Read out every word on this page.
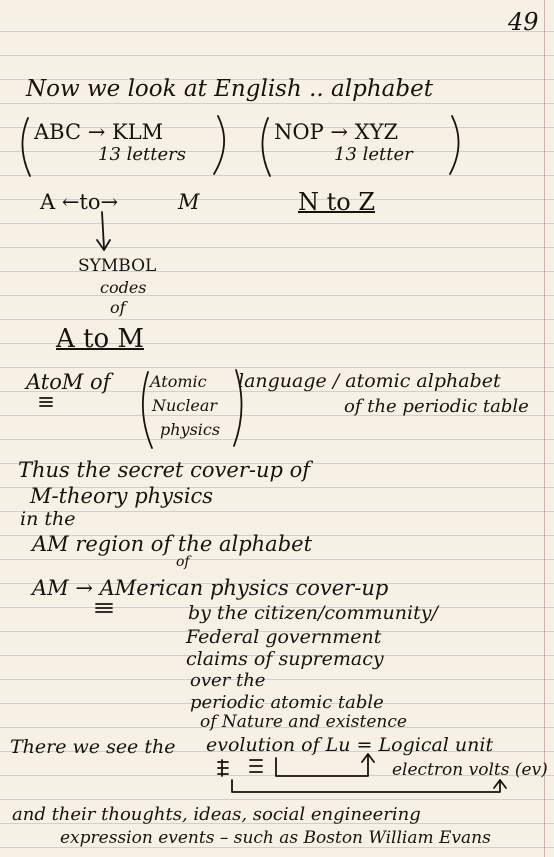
49
Now we look at English .. alphabet
ABC → KLM
13 letters
NOP → XYZ
13 letter
A ←to→	M	N to Z
SYMBOL
codes
of
A to M
AtoM of Atomic
Nuclear
physics
language / atomic alphabet
of the periodic table
Thus the secret cover-up of
M-theory physics
in the
AM region of the alphabet
of
AM → AMerican physics cover-up
by the citizen/community/
Federal government
claims of supremacy
over the
periodic atomic table
of Nature and existence
There we see the evolution of Lu = Logical unit
electron volts (ev)
and their thoughts, ideas, social engineering
expression events – such as Boston William Evans
